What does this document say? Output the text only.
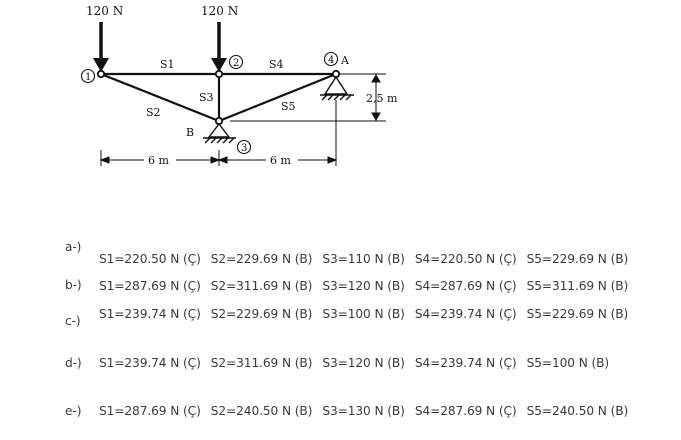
120 N	120 N
S1
S2
S3
S4
S5
1
2
3
4 A
B
2,5 m
6 m	6 m
a-)
S1=220.50 N (Ç) S2=229.69 N (B) S3=110 N (B) S4=220.50 N (Ç) S5=229.69 N (B)
b-) S1=287.69 N (Ç) S2=311.69 N (B) S3=120 N (B) S4=287.69 N (Ç) S5=311.69 N (B)
c-) S1=239.74 N (Ç) S2=229.69 N (B) S3=100 N (B) S4=239.74 N (Ç) S5=229.69 N (B)
d-) S1=239.74 N (Ç) S2=311.69 N (B) S3=120 N (B) S4=239.74 N (Ç) S5=100 N (B)
e-) S1=287.69 N (Ç) S2=240.50 N (B) S3=130 N (B) S4=287.69 N (Ç) S5=240.50 N (B)
